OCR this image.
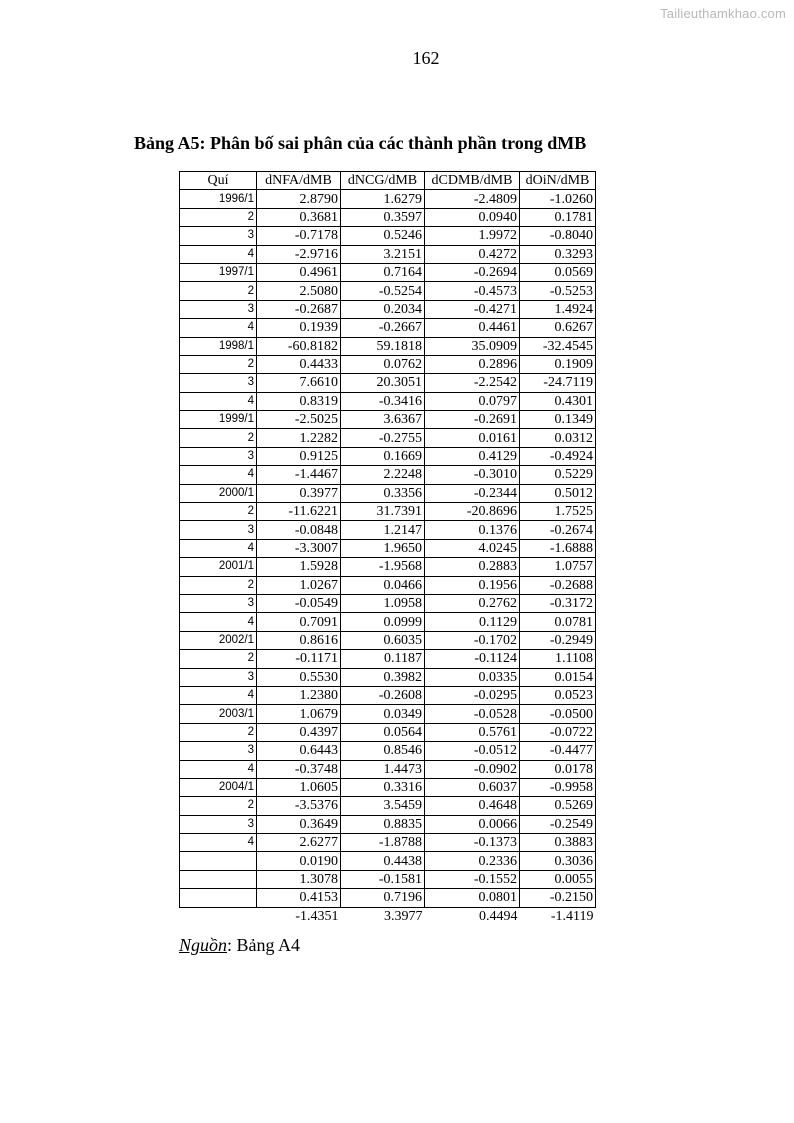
Tailieuthamkhao.com
162
Bảng A5: Phân bố sai phân của các thành phần trong dMB
Quí	dNFA/dMB	dNCG/dMB	dCDMB/dMB	dOiN/dMB
1996/1	2.8790	1.6279	-2.4809	-1.0260
2	0.3681	0.3597	0.0940	0.1781
3	-0.7178	0.5246	1.9972	-0.8040
4	-2.9716	3.2151	0.4272	0.3293
1997/1	0.4961	0.7164	-0.2694	0.0569
2	2.5080	-0.5254	-0.4573	-0.5253
3	-0.2687	0.2034	-0.4271	1.4924
4	0.1939	-0.2667	0.4461	0.6267
1998/1	-60.8182	59.1818	35.0909	-32.4545
2	0.4433	0.0762	0.2896	0.1909
3	7.6610	20.3051	-2.2542	-24.7119
4	0.8319	-0.3416	0.0797	0.4301
1999/1	-2.5025	3.6367	-0.2691	0.1349
2	1.2282	-0.2755	0.0161	0.0312
3	0.9125	0.1669	0.4129	-0.4924
4	-1.4467	2.2248	-0.3010	0.5229
2000/1	0.3977	0.3356	-0.2344	0.5012
2	-11.6221	31.7391	-20.8696	1.7525
3	-0.0848	1.2147	0.1376	-0.2674
4	-3.3007	1.9650	4.0245	-1.6888
2001/1	1.5928	-1.9568	0.2883	1.0757
2	1.0267	0.0466	0.1956	-0.2688
3	-0.0549	1.0958	0.2762	-0.3172
4	0.7091	0.0999	0.1129	0.0781
2002/1	0.8616	0.6035	-0.1702	-0.2949
2	-0.1171	0.1187	-0.1124	1.1108
3	0.5530	0.3982	0.0335	0.0154
4	1.2380	-0.2608	-0.0295	0.0523
2003/1	1.0679	0.0349	-0.0528	-0.0500
2	0.4397	0.0564	0.5761	-0.0722
3	0.6443	0.8546	-0.0512	-0.4477
4	-0.3748	1.4473	-0.0902	0.0178
2004/1	1.0605	0.3316	0.6037	-0.9958
2	-3.5376	3.5459	0.4648	0.5269
3	0.3649	0.8835	0.0066	-0.2549
4	2.6277	-1.8788	-0.1373	0.3883
	0.0190	0.4438	0.2336	0.3036
	1.3078	-0.1581	-0.1552	0.0055
	0.4153	0.7196	0.0801	-0.2150
	-1.4351	3.3977	0.4494	-1.4119
Nguồn: Bảng A4
